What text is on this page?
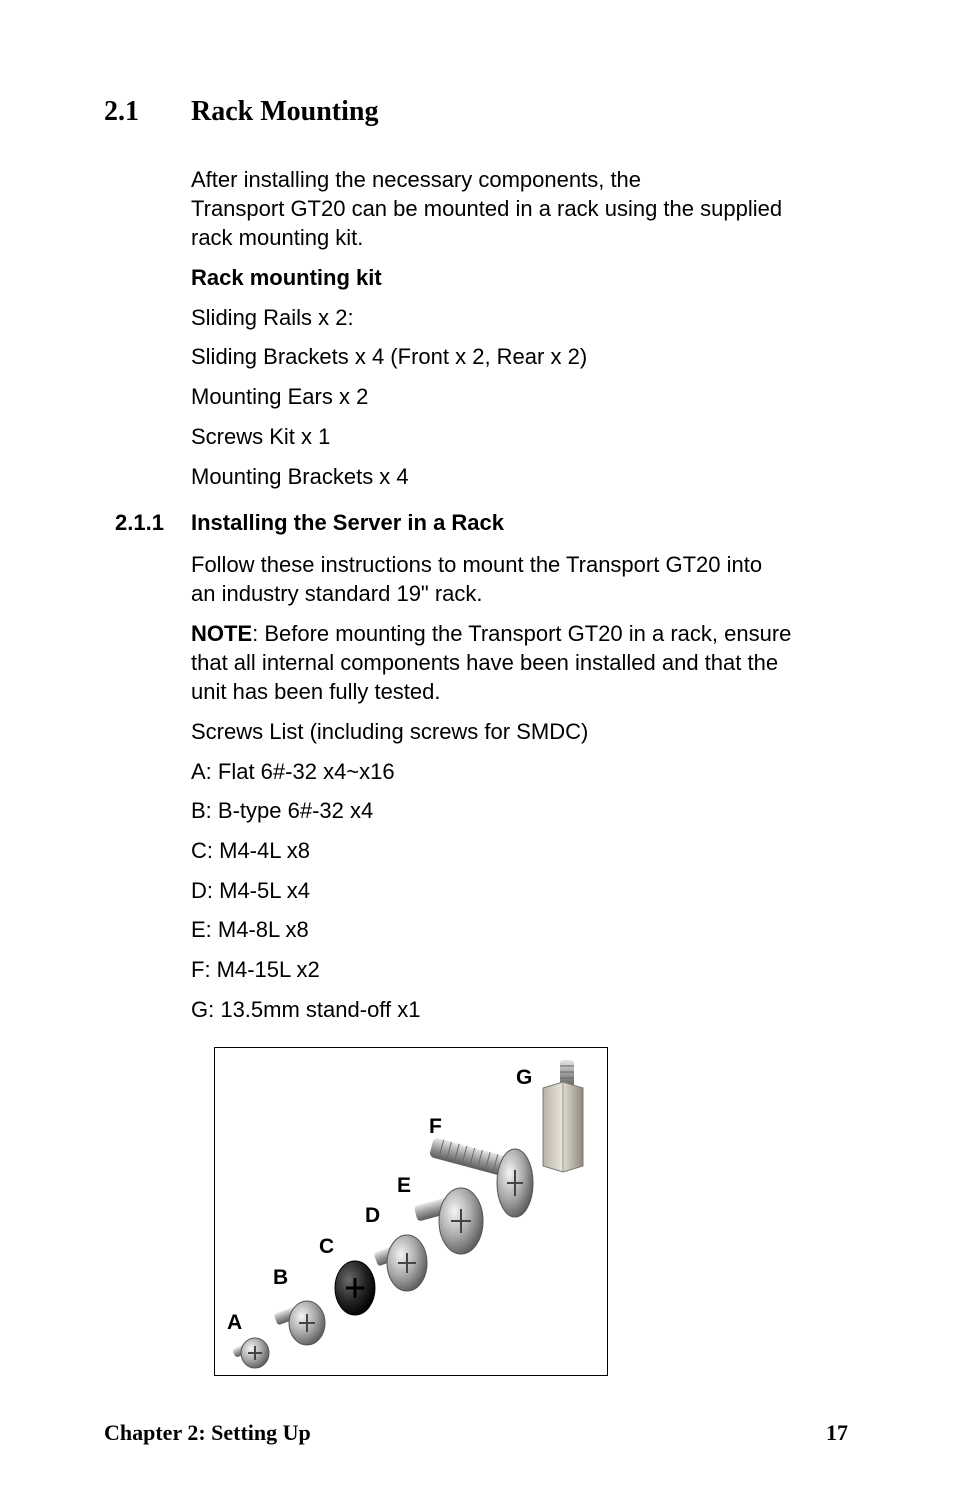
2.1 Rack Mounting
After installing the necessary components, the
Transport GT20 can be mounted in a rack using the supplied
rack mounting kit.
Rack mounting kit
Sliding Rails x 2:
Sliding Brackets x 4 (Front x 2, Rear x 2)
Mounting Ears x 2
Screws Kit x 1
Mounting Brackets x 4
2.1.1 Installing the Server in a Rack
Follow these instructions to mount the Transport GT20 into
an industry standard 19" rack.
NOTE: Before mounting the Transport GT20 in a rack, ensure
that all internal components have been installed and that the
unit has been fully tested.
Screws List (including screws for SMDC)
A: Flat 6#-32 x4~x16
B: B-type 6#-32 x4
C: M4-4L x8
D: M4-5L x4
E: M4-8L x8
F: M4-15L x2
G: 13.5mm stand-off x1
A
B
C
D
E
F
G
Chapter 2: Setting Up	17
